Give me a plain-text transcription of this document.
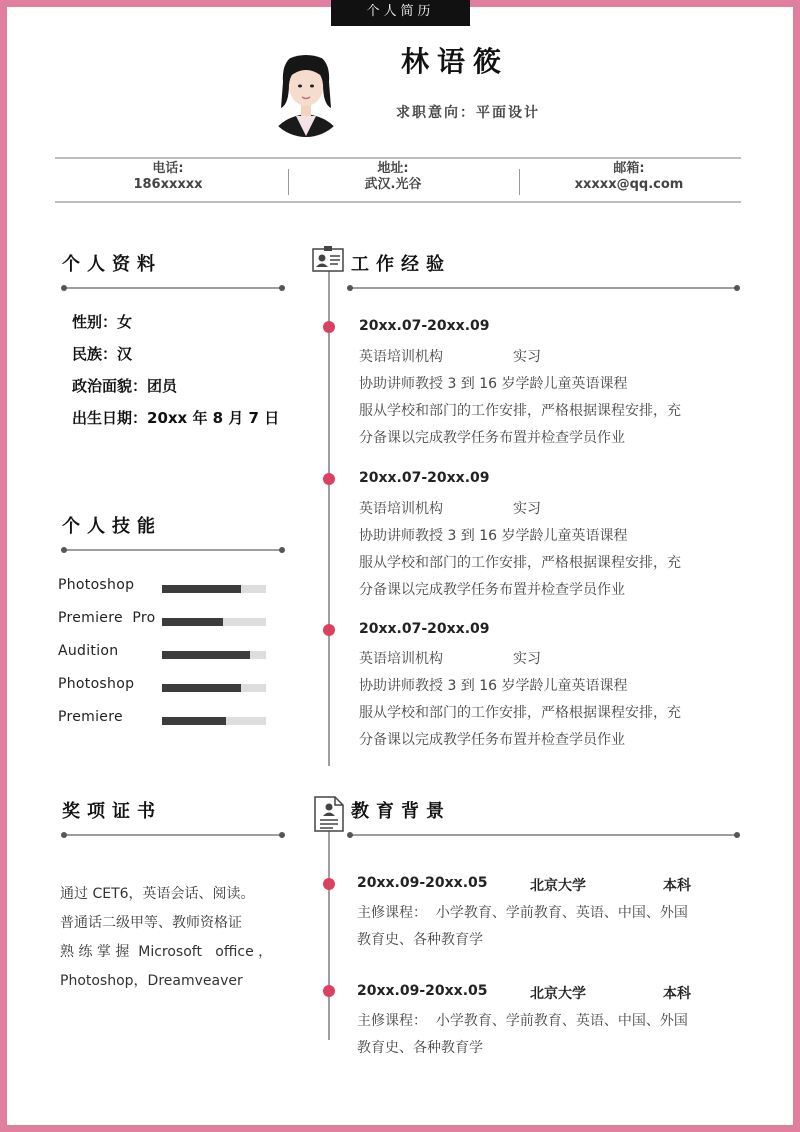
个人简历
林语筱
求职意向：平面设计
电话:
186xxxxx
地址:
武汉.光谷
邮箱:
xxxxx@qq.com
个人资料
性别：女
民族：汉
政治面貌：团员
出生日期：20xx 年 8 月 7 日
个人技能
Photoshop
Premiere  Pro
Audition
Photoshop
Premiere
奖项证书
通过 CET6，英语会话、阅读。
普通话二级甲等、教师资格证
熟 练 掌 握  Microsoft   office ，
Photoshop，Dreamveaver
工作经验
20xx.07-20xx.09
英语培训机构	实习
协助讲师教授 3 到 16 岁学龄儿童英语课程
服从学校和部门的工作安排，严格根据课程安排，充
分备课以完成教学任务布置并检查学员作业
20xx.07-20xx.09
英语培训机构	实习
协助讲师教授 3 到 16 岁学龄儿童英语课程
服从学校和部门的工作安排，严格根据课程安排，充
分备课以完成教学任务布置并检查学员作业
20xx.07-20xx.09
英语培训机构	实习
协助讲师教授 3 到 16 岁学龄儿童英语课程
服从学校和部门的工作安排，严格根据课程安排，充
分备课以完成教学任务布置并检查学员作业
教育背景
20xx.09-20xx.05	北京大学	本科
主修课程：  小学教育、学前教育、英语、中国、外国
教育史、各种教育学
20xx.09-20xx.05	北京大学	本科
主修课程：  小学教育、学前教育、英语、中国、外国
教育史、各种教育学
